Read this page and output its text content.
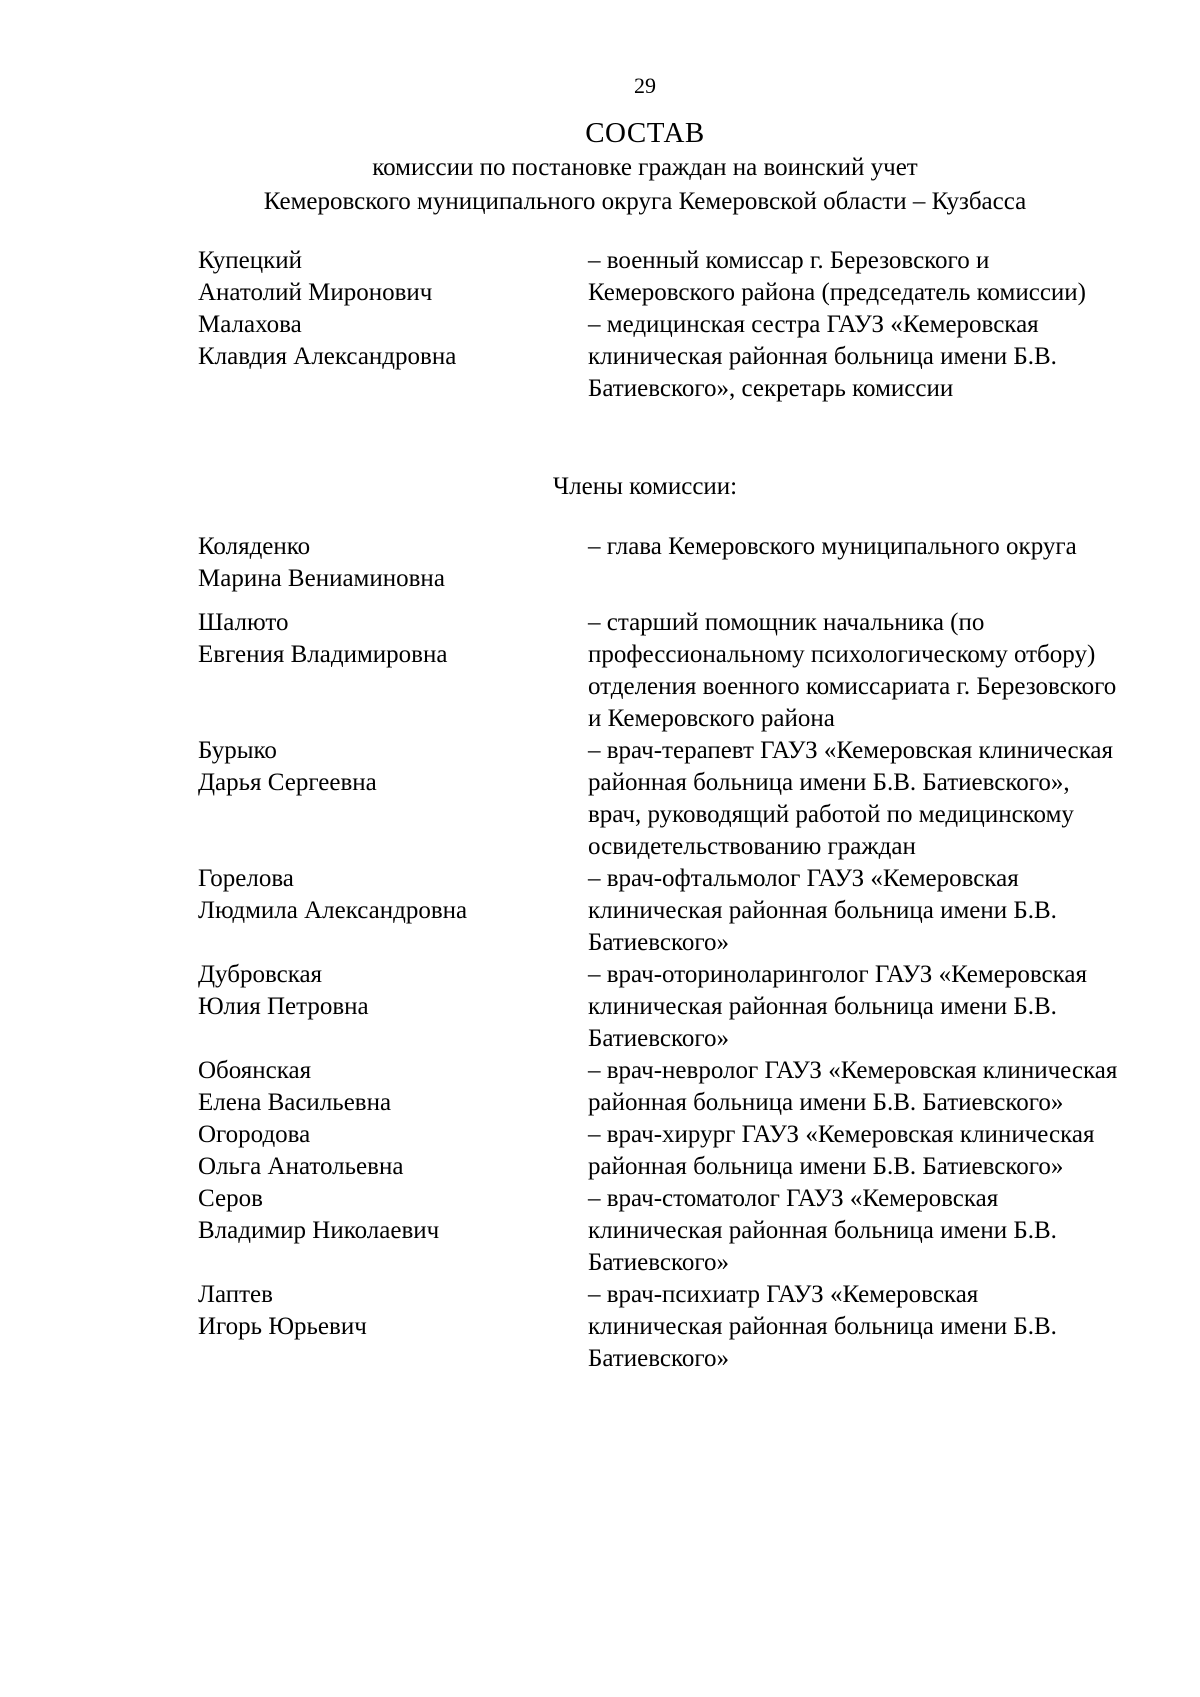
29
СОСТАВ
комиссии по постановке граждан на воинский учет
Кемеровского муниципального округа Кемеровской области – Кузбасса
Купецкий
Анатолий Миронович
– военный комиссар г. Березовского и Кемеровского района (председатель комиссии)
Малахова
Клавдия Александровна
– медицинская сестра ГАУЗ «Кемеровская клиническая районная больница имени Б.В. Батиевского», секретарь комиссии
Члены комиссии:
Коляденко
Марина Вениаминовна
– глава Кемеровского муниципального округа
Шалюто
Евгения Владимировна
– старший помощник начальника (по профессиональному психологическому отбору) отделения военного комиссариата г. Березовского и Кемеровского района
Бурыко
Дарья Сергеевна
– врач-терапевт ГАУЗ «Кемеровская клиническая районная больница имени Б.В. Батиевского», врач, руководящий работой по медицинскому освидетельствованию граждан
Горелова
Людмила Александровна
– врач-офтальмолог ГАУЗ «Кемеровская клиническая районная больница имени Б.В. Батиевского»
Дубровская
Юлия Петровна
– врач-оториноларинголог ГАУЗ «Кемеровская клиническая районная больница имени Б.В. Батиевского»
Обоянская
Елена Васильевна
– врач-невролог ГАУЗ «Кемеровская клиническая районная больница имени Б.В. Батиевского»
Огородова
Ольга Анатольевна
– врач-хирург ГАУЗ «Кемеровская клиническая районная больница имени Б.В. Батиевского»
Серов
Владимир Николаевич
– врач-стоматолог ГАУЗ «Кемеровская клиническая районная больница имени Б.В. Батиевского»
Лаптев
Игорь Юрьевич
– врач-психиатр ГАУЗ «Кемеровская клиническая районная больница имени Б.В. Батиевского»
